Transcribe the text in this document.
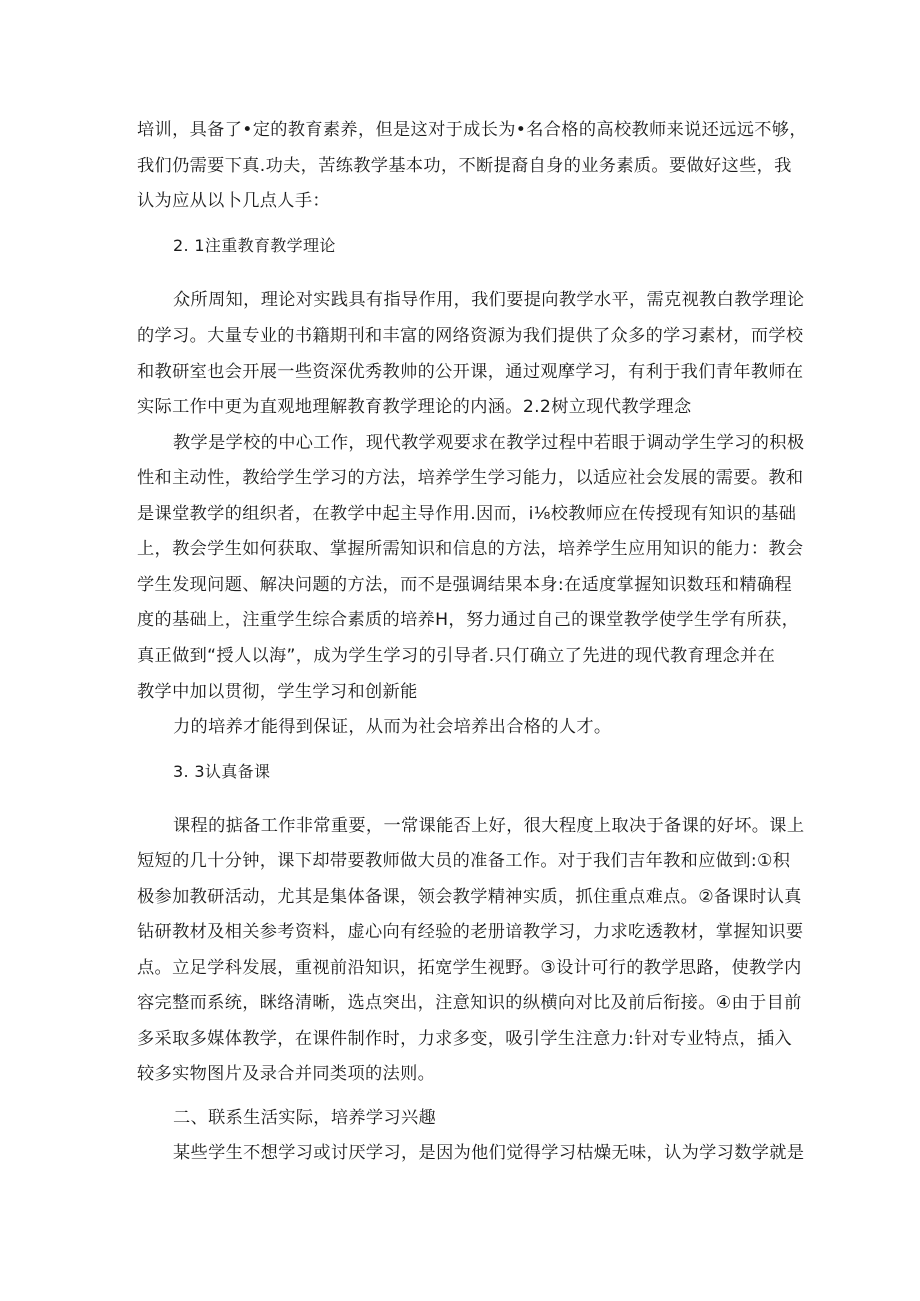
培训，具备了•定的教育素养，但是这对于成长为•名合格的高校教师来说还远远不够，
我们仍需要下真.功夫，苦练教学基本功，不断提裔自身的业务素质。要做好这些，我
认为应从以卜几点人手：
2. 1注重教育教学理论
众所周知，理论对实践具有指导作用，我们要提向教学水平，需克视教白教学理论
的学习。大量专业的书籍期刊和丰富的网络资源为我们提供了众多的学习素材，而学校
和教研室也会开展一些资深优秀教帅的公开课，通过观摩学习，有利于我们青年教师在
实际工作中更为直观地理解教育教学理论的内涵。2.2树立现代教学理念
教学是学校的中心工作，现代教学观要求在教学过程中若眼于调动学生学习的积极
性和主动性，教给学生学习的方法，培养学生学习能力，以适应社会发展的需要。教和
是课堂教学的组织者，在教学中起主导作用.因而，i⅛校教师应在传授现有知识的基础
上，教会学生如何获取、掌握所需知识和信息的方法，培养学生应用知识的能力：教会
学生发现问题、解决问题的方法，而不是强调结果本身:在适度掌握知识数珏和精确程
度的基础上，注重学生综合素质的培养H，努力通过自己的课堂教学使学生学有所获，
真正做到“授人以海”，成为学生学习的引导者.只仃确立了先进的现代教育理念并在
教学中加以贯彻，学生学习和创新能
力的培养才能得到保证，从而为社会培养出合格的人才。
3. 3认真备课
课程的掂备工作非常重要，一常课能否上好，很大程度上取决于备课的好坏。课上
短短的几十分钟，课下却帯要教师做大员的准备工作。对于我们吉年教和应做到:①积
极参加教研活动，尤其是集体备课，领会教学精神实质，抓住重点难点。②备课时认真
钻研教材及相关参考资料，虚心向有经验的老册谙教学习，力求吃透教材，掌握知识要
点。立足学科发展，重视前沿知识，拓宽学生视野。③设计可行的教学思路，使教学内
容完整而系统，眯络清晰，选点突出，注意知识的纵横向对比及前后衔接。④由于目前
多采取多媒体教学，在课件制作时，力求多变，吸引学生注意力:针对专业特点，插入
较多实物图片及录合并同类项的法则。
二、联系生活实际，培养学习兴趣
某些学生不想学习或讨厌学习，是因为他们觉得学习枯燥无味，认为学习数学就是
